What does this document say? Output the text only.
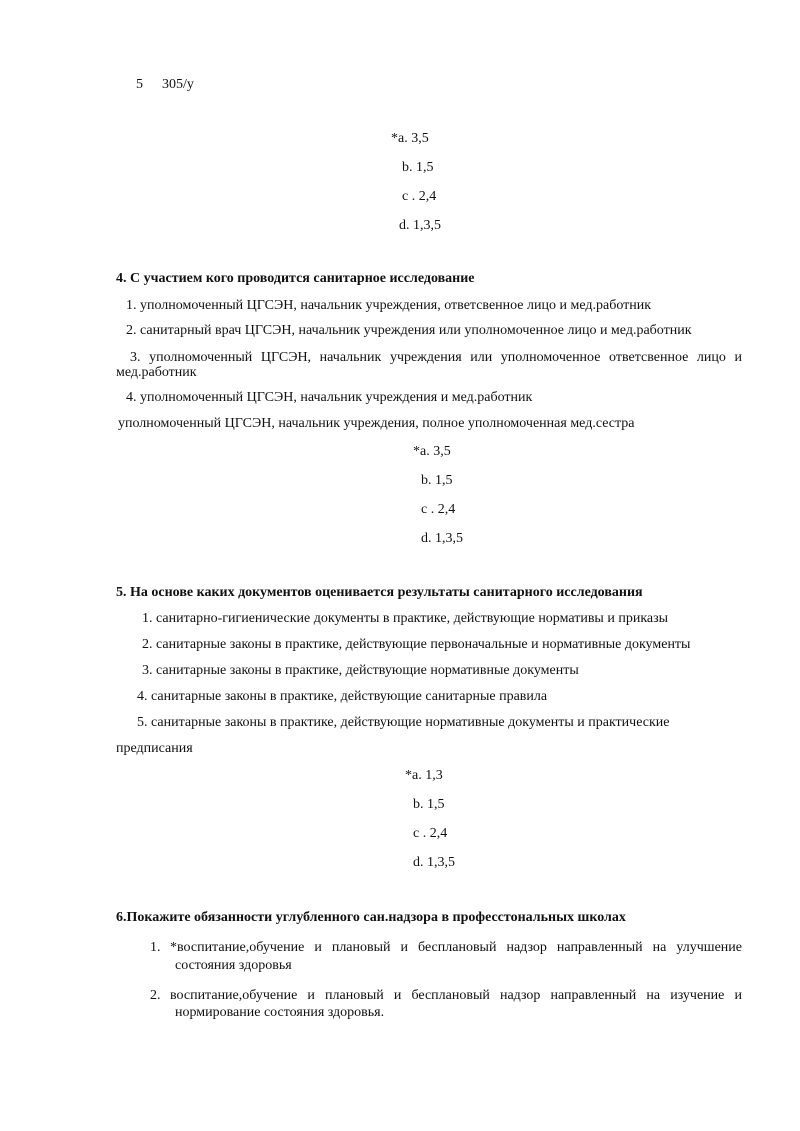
5 305/у
*a. 3,5
b. 1,5
c . 2,4
d. 1,3,5
4. С участием кого проводится санитарное исследование
1. уполномоченный ЦГСЭН, начальник учреждения, ответсвенное лицо и мед.работник
2. санитарный врач ЦГСЭН, начальник учреждения или уполномоченное лицо и мед.работник
3. уполномоченный ЦГСЭН, начальник учреждения или уполномоченное ответсвенное лицо и
мед.работник
4. уполномоченный ЦГСЭН, начальник учреждения и мед.работник
уполномоченный ЦГСЭН, начальник учреждения, полное уполномоченная мед.сестра
*a. 3,5
b. 1,5
c . 2,4
d. 1,3,5
5. На основе каких документов оценивается результаты санитарного исследования
1. санитарно-гигиенические документы в практике, действующие нормативы и приказы
2. санитарные законы в практике, действующие первоначальные и нормативные документы
3. санитарные законы в практике, действующие нормативные документы
4. санитарные законы в практике, действующие санитарные правила
5. санитарные законы в практике, действующие нормативные документы и практические
предписания
*a. 1,3
b. 1,5
c . 2,4
d. 1,3,5
6.Покажите обязанности углубленного сан.надзора в професстональных школах
1. *воспитание,обучение и плановый и бесплановый надзор направленный на улучшение
состояния здоровья
2. воспитание,обучение и плановый и бесплановый надзор направленный на изучение и
нормирование состояния здоровья.
